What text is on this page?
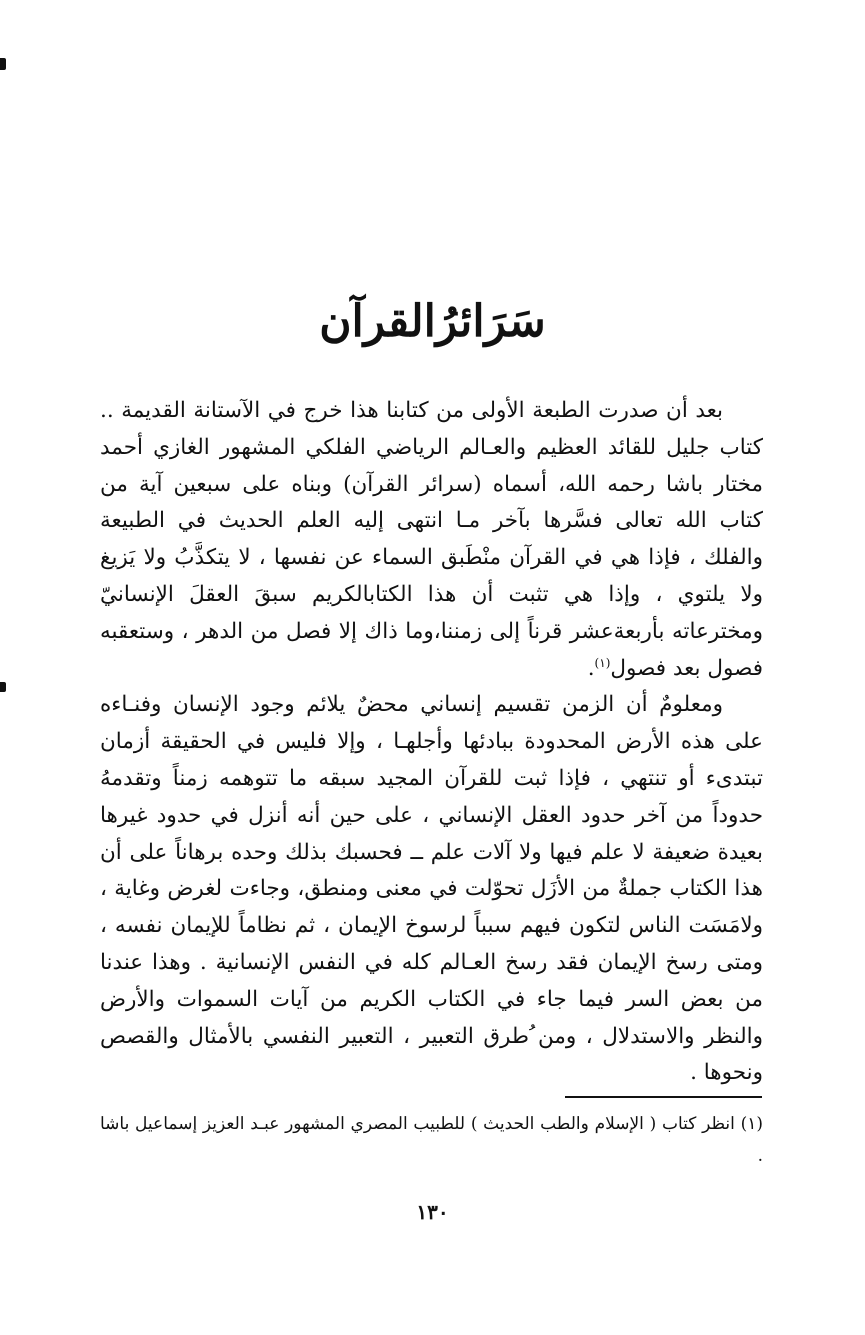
سَرَائرُالقرآن

بعد أن صدرت الطبعة الأولى من كتابنا هذا خرج في الآستانة القديمة .. كتاب جليل للقائد العظيم والعـالم الرياضي الفلكي المشهور الغازي أحمد مختار باشا رحمه الله، أسماه (سرائر القرآن) وبناه على سبعين آية من كتاب الله تعالى فسَّرها بآخر مـا انتهى إليه العلم الحديث في الطبيعة والفلك ، فإذا هي في القرآن منْطَبق السماء عن نفسها ، لا يتكذَّبُ ولا يَزيغ ولا يلتوي ، وإذا هي تثبت أن هذا الكتابالكريم سبقَ العقلَ الإنسانيّ ومخترعاته بأربعةعشر قرناً إلى زمننا،وما ذاك إلا فصل من الدهر ، وستعقبه فصول بعد فصول$^{(١)}$.

ومعلومٌ أن الزمن تقسيم إنساني محضٌ يلائم وجود الإنسان وفنـاءه على هذه الأرض المحدودة ببادئها وأجلهـا ، وإلا فليس في الحقيقة أزمان تبتدىء أو تنتهي ، فإذا ثبت للقرآن المجيد سبقه ما تتوهمه زمناً وتقدمهُ حدوداً من آخر حدود العقل الإنساني ، على حين أنه أنزل في حدود غيرها بعيدة ضعيفة لا علم فيها ولا آلات علم ــ فحسبك بذلك وحده برهاناً على أن هذا الكتاب جملةٌ من الأزَل تحوّلت في معنى ومنطق، وجاءت لغرض وغاية ، ولامَسَت الناس لتكون فيهم سبباً لرسوخ الإيمان ، ثم نظاماً للإيمان نفسه ، ومتى رسخ الإيمان فقد رسخ العـالم كله في النفس الإنسانية . وهذا عندنا من بعض السر فيما جاء في الكتاب الكريم من آيات السموات والأرض والنظر والاستدلال ، ومن ُطرق التعبير ، التعبير النفسي بالأمثال والقصص ونحوها .

(١) انظر كتاب ( الإسلام والطب الحديث ) للطبيب المصري المشهور عبـد العزيز إسماعيل باشا .
١٣٠
